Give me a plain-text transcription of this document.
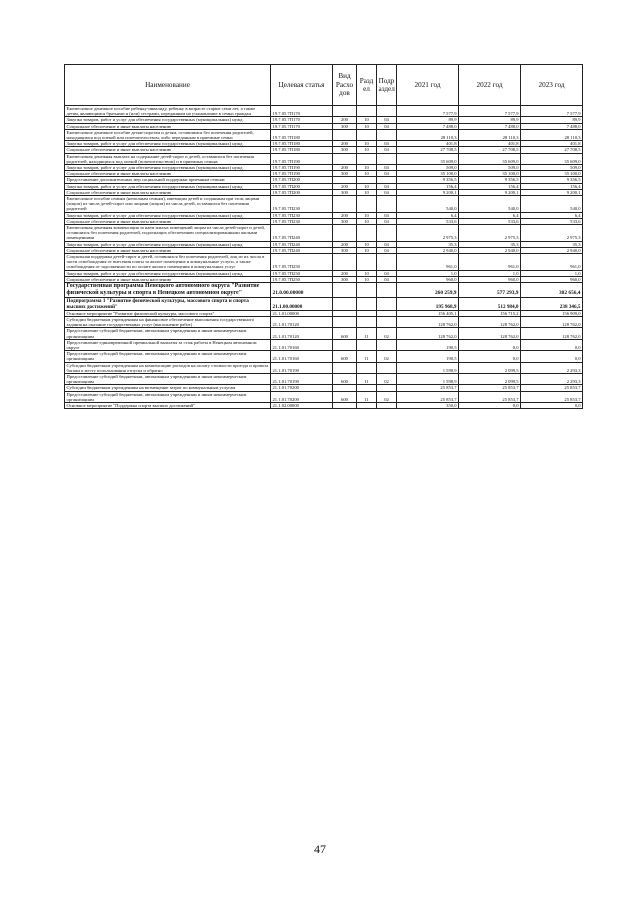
Наименование	Целевая статья	Вид Расхо дов	Разд ел	Подр аздел	2021 год	2022 год	2023 год
Ежемесячное денежное пособие ребенку-инвалиду, ребенку в возрасте старше семи лет, а также детям, являющимся братьями и (или) сестрами, переданным на усыновление в семьи граждан	19.7.05.7П170				7 577,9	7 577,9	7 577,9
Закупка товаров, работ и услуг для обеспечения государственных (муниципальных) нужд	19.7.05.7П170	200	10	04	89,9	89,9	89,9
Социальное обеспечение и иные выплаты населению	19.7.05.7П170	300	10	04	7 488,0	7 488,0	7 488,0
Ежемесячное денежное пособие детям-сиротам и детям, оставшимся без попечения родителей, находящимся под опекой или попечительством, либо переданным в приемные семьи	19.7.05.7П180				28 110,3	28 110,3	28 110,3
Закупка товаров, работ и услуг для обеспечения государственных (муниципальных) нужд	19.7.05.7П180	200	10	04	401,8	401,8	401,8
Социальное обеспечение и иные выплаты населению	19.7.05.7П180	300	10	04	27 708,5	27 708,5	27 708,5
Ежемесячная денежная выплата на содержание детей-сирот и детей, оставшихся без попечения родителей, находящихся под опекой (попечительством) и в приемных семьях	19.7.05.7П190				35 609,0	35 609,0	35 609,0
Закупка товаров, работ и услуг для обеспечения государственных (муниципальных) нужд	19.7.05.7П190	200	10	04	509,0	509,0	509,0
Социальное обеспечение и иные выплаты населению	19.7.05.7П190	300	10	04	35 100,0	35 100,0	35 100,0
Предоставление дополнительных мер социальной поддержки приемным семьям	19.7.05.7П200				9 356,5	9 356,5	9 356,5
Закупка товаров, работ и услуг для обеспечения государственных (муниципальных) нужд	19.7.05.7П200	200	10	04	156,4	156,4	156,4
Социальное обеспечение и иные выплаты населению	19.7.05.7П200	300	10	04	9 200,1	9 200,1	9 200,1
Ежемесячное пособие семьям (неполным семьям), имеющим детей и созданным при этом лицами (лицом) из числа детей-сирот или лицами (лицом) из числа детей, оставшихся без попечения родителей	19.7.05.7П230				540,0	540,0	540,0
Закупка товаров, работ и услуг для обеспечения государственных (муниципальных) нужд	19.7.05.7П230	200	10	04	6,4	6,4	6,4
Социальное обеспечение и иные выплаты населению	19.7.05.7П230	300	10	04	533,6	533,6	533,6
Ежемесячная денежная компенсация за наем жилых помещений лицам из числа детей-сирот и детей, оставшихся без попечения родителей, подлежащих обеспечению специализированными жилыми помещениями	19.7.05.7П240				2 975,3	2 975,3	2 975,3
Закупка товаров, работ и услуг для обеспечения государственных (муниципальных) нужд	19.7.05.7П240	200	10	04	35,3	35,3	35,3
Социальное обеспечение и иные выплаты населению	19.7.05.7П240	300	10	04	2 940,0	2 940,0	2 940,0
Социальная поддержка детей-сирот и детей, оставшихся без попечения родителей, лиц из их числа в части освобождения от внесения платы за жилое помещение и коммунальные услуги, а также освобождения от задолженности по оплате жилого помещения и коммунальных услуг	19.7.05.7П250				961,0	961,0	961,0
Закупка товаров, работ и услуг для обеспечения государственных (муниципальных) нужд	19.7.05.7П250	200	10	04	1,0	1,0	1,0
Социальное обеспечение и иные выплаты населению	19.7.05.7П250	300	10	04	960,0	960,0	960,0
Государственная программа Ненецкого автономного округа "Развитие физической культуры и спорта в Ненецком автономном округе"	21.0.00.00000				260 259,9	577 293,9	302 656,4
Подпрограмма 1 "Развитие физической культуры, массового спорта и спорта высших достижений"	21.1.00.00000				195 968,9	512 984,0	238 346,5
Основное мероприятие "Развитие физической культуры, массового спорта"	21.1.01.00000				156 405,1	156 715,2	156 909,0
Субсидии бюджетным учреждениям на финансовое обеспечение выполнения государственного задания на оказание государственных услуг (выполнение работ)	21.1.01.70120				128 762,0	128 762,0	128 762,0
Предоставление субсидий бюджетным, автономным учреждениям и иным некоммерческим организациям	21.1.01.70120	600	11	02	128 762,0	128 762,0	128 762,0
Предоставление единовременной премиальной выплаты за стаж работы в Ненецком автономном округе	21.1.01.70160				190,5	0,0	0,0
Предоставление субсидий бюджетным, автономным учреждениям и иным некоммерческим организациям	21.1.01.70160	600	11	02	190,5	0,0	0,0
Субсидии бюджетным учреждениям на компенсацию расходов на оплату стоимости проезда и провоза багажа к месту использования отпуска и обратно	21.1.01.70190				1 598,9	2 099,5	2 293,3
Предоставление субсидий бюджетным, автономным учреждениям и иным некоммерческим организациям	21.1.01.70190	600	11	02	1 598,9	2 099,5	2 293,3
Субсидии бюджетным учреждениям на возмещение затрат по коммунальным услугам	21.1.01.70200				25 853,7	25 853,7	25 853,7
Предоставление субсидий бюджетным, автономным учреждениям и иным некоммерческим организациям	21.1.01.70200	600	11	02	25 853,7	25 853,7	25 853,7
Основное мероприятие "Поддержка спорта высших достижений"	21.1.02.00000				350,0	0,0	0,0
47
